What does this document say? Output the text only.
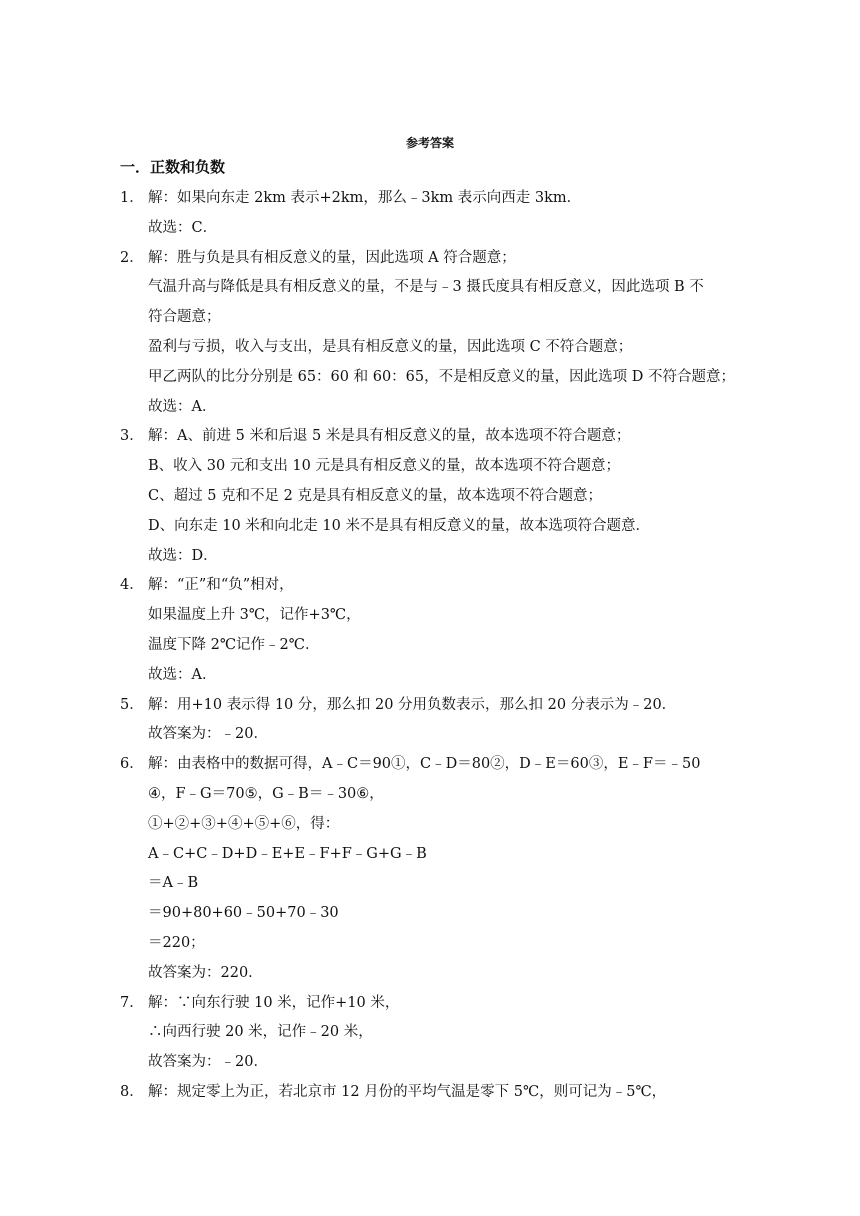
参考答案
一．正数和负数
1． 解：如果向东走 2km 表示+2km，那么﹣3km 表示向西走 3km．
故选：C．
2． 解：胜与负是具有相反意义的量，因此选项 A 符合题意；
气温升高与降低是具有相反意义的量，不是与﹣3 摄氏度具有相反意义，因此选项 B 不
符合题意；
盈利与亏损，收入与支出，是具有相反意义的量，因此选项 C 不符合题意；
甲乙两队的比分分别是 65：60 和 60：65，不是相反意义的量，因此选项 D 不符合题意；
故选：A．
3． 解：A、前进 5 米和后退 5 米是具有相反意义的量，故本选项不符合题意；
B、收入 30 元和支出 10 元是具有相反意义的量，故本选项不符合题意；
C、超过 5 克和不足 2 克是具有相反意义的量，故本选项不符合题意；
D、向东走 10 米和向北走 10 米不是具有相反意义的量，故本选项符合题意．
故选：D．
4． 解：“正”和“负”相对，
如果温度上升 3℃，记作+3℃，
温度下降 2℃记作﹣2℃．
故选：A．
5． 解：用+10 表示得 10 分，那么扣 20 分用负数表示，那么扣 20 分表示为﹣20．
故答案为：﹣20．
6． 解：由表格中的数据可得，A﹣C＝90①，C﹣D＝80②，D﹣E＝60③，E﹣F＝﹣50
④，F﹣G＝70⑤，G﹣B＝﹣30⑥，
①+②+③+④+⑤+⑥，得：
A﹣C+C﹣D+D﹣E+E﹣F+F﹣G+G﹣B
＝A﹣B
＝90+80+60﹣50+70﹣30
＝220；
故答案为：220．
7． 解：∵向东行驶 10 米，记作+10 米，
∴向西行驶 20 米，记作﹣20 米，
故答案为：﹣20．
8． 解：规定零上为正，若北京市 12 月份的平均气温是零下 5℃，则可记为﹣5℃，
